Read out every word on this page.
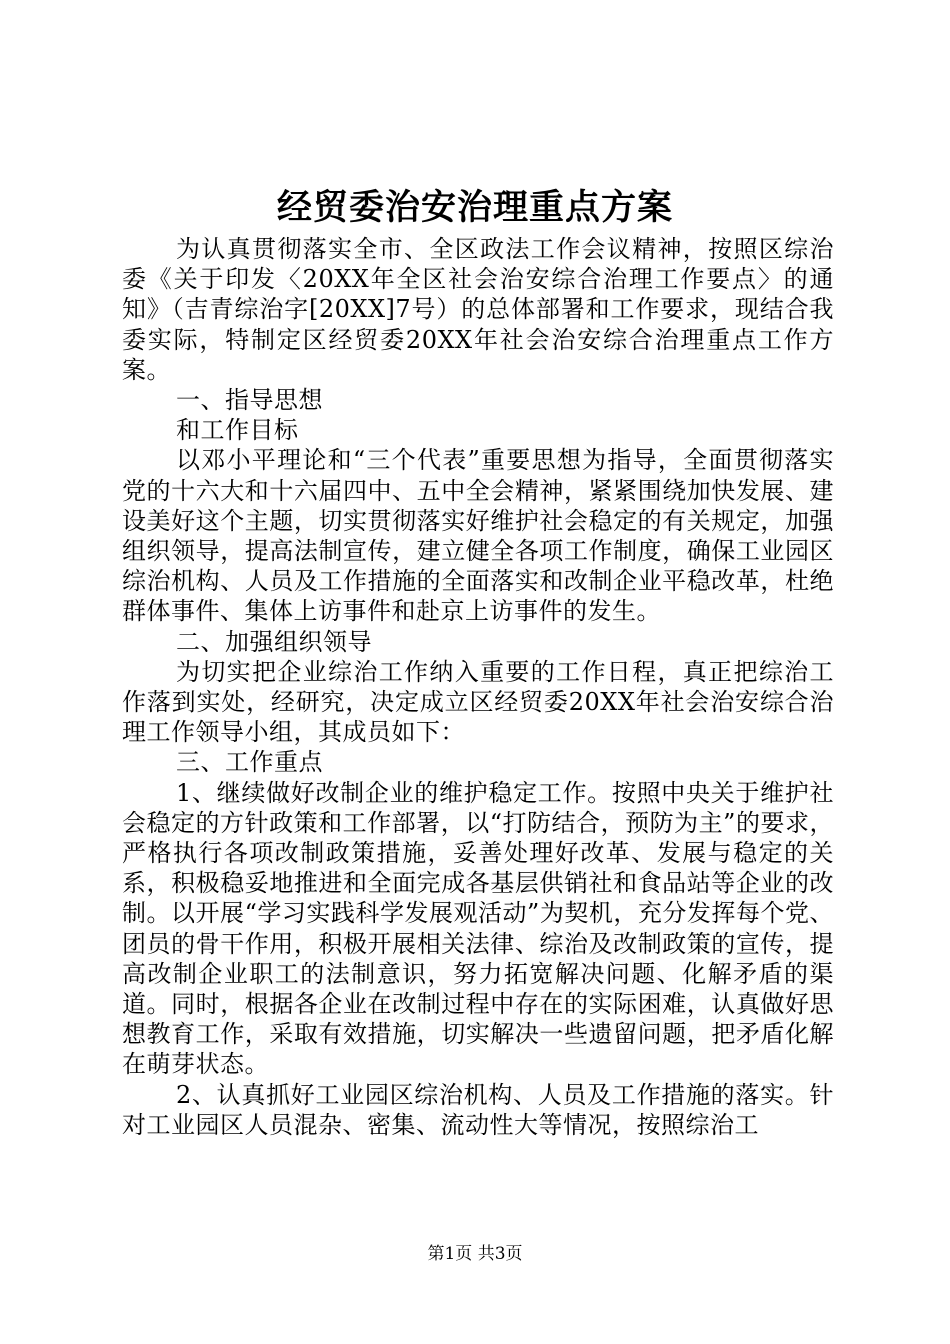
经贸委治安治理重点方案

为认真贯彻落实全市、全区政法工作会议精神，按照区综治委《关于印发〈20XX年全区社会治安综合治理工作要点〉的通知》（吉青综治字[20XX]7号）的总体部署和工作要求，现结合我委实际，特制定区经贸委20XX年社会治安综合治理重点工作方案。

一、指导思想

和工作目标

以邓小平理论和“三个代表”重要思想为指导，全面贯彻落实党的十六大和十六届四中、五中全会精神，紧紧围绕加快发展、建设美好这个主题，切实贯彻落实好维护社会稳定的有关规定，加强组织领导，提高法制宣传，建立健全各项工作制度，确保工业园区综治机构、人员及工作措施的全面落实和改制企业平稳改革，杜绝群体事件、集体上访事件和赴京上访事件的发生。

二、加强组织领导

为切实把企业综治工作纳入重要的工作日程，真正把综治工作落到实处，经研究，决定成立区经贸委20XX年社会治安综合治理工作领导小组，其成员如下：

三、工作重点

1、继续做好改制企业的维护稳定工作。按照中央关于维护社会稳定的方针政策和工作部署，以“打防结合，预防为主”的要求，严格执行各项改制政策措施，妥善处理好改革、发展与稳定的关系，积极稳妥地推进和全面完成各基层供销社和食品站等企业的改制。以开展“学习实践科学发展观活动”为契机，充分发挥每个党、团员的骨干作用，积极开展相关法律、综治及改制政策的宣传，提高改制企业职工的法制意识，努力拓宽解决问题、化解矛盾的渠道。同时，根据各企业在改制过程中存在的实际困难，认真做好思想教育工作，采取有效措施，切实解决一些遗留问题，把矛盾化解在萌芽状态。

2、认真抓好工业园区综治机构、人员及工作措施的落实。针对工业园区人员混杂、密集、流动性大等情况，按照综治工

第1页 共3页
